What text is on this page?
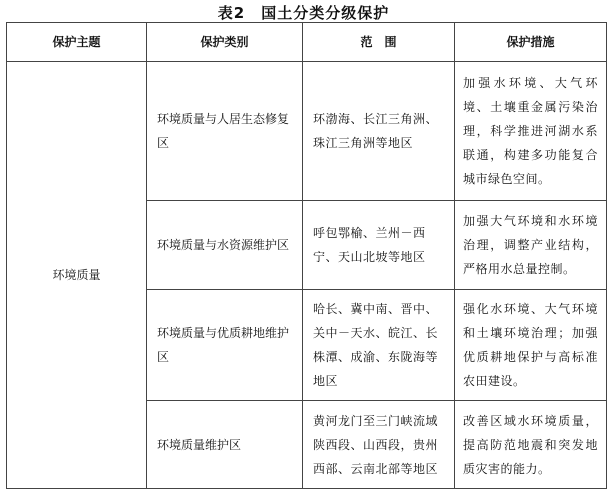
表2　国土分类分级保护
保护主题	保护类别	范　围	保护措施
环境质量	环境质量与人居生态修复区	环渤海、长江三角洲、珠江三角洲等地区	加强水环境、大气环境、土壤重金属污染治理，科学推进河湖水系联通，构建多功能复合城市绿色空间。
	环境质量与水资源维护区	呼包鄂榆、兰州－西宁、天山北坡等地区	加强大气环境和水环境治理，调整产业结构，严格用水总量控制。
	环境质量与优质耕地维护区	哈长、冀中南、晋中、关中－天水、皖江、长株潭、成渝、东陇海等地区	强化水环境、大气环境和土壤环境治理；加强优质耕地保护与高标准农田建设。
	环境质量维护区	黄河龙门至三门峡流域陕西段、山西段，贵州西部、云南北部等地区	改善区域水环境质量，提高防范地震和突发地质灾害的能力。
